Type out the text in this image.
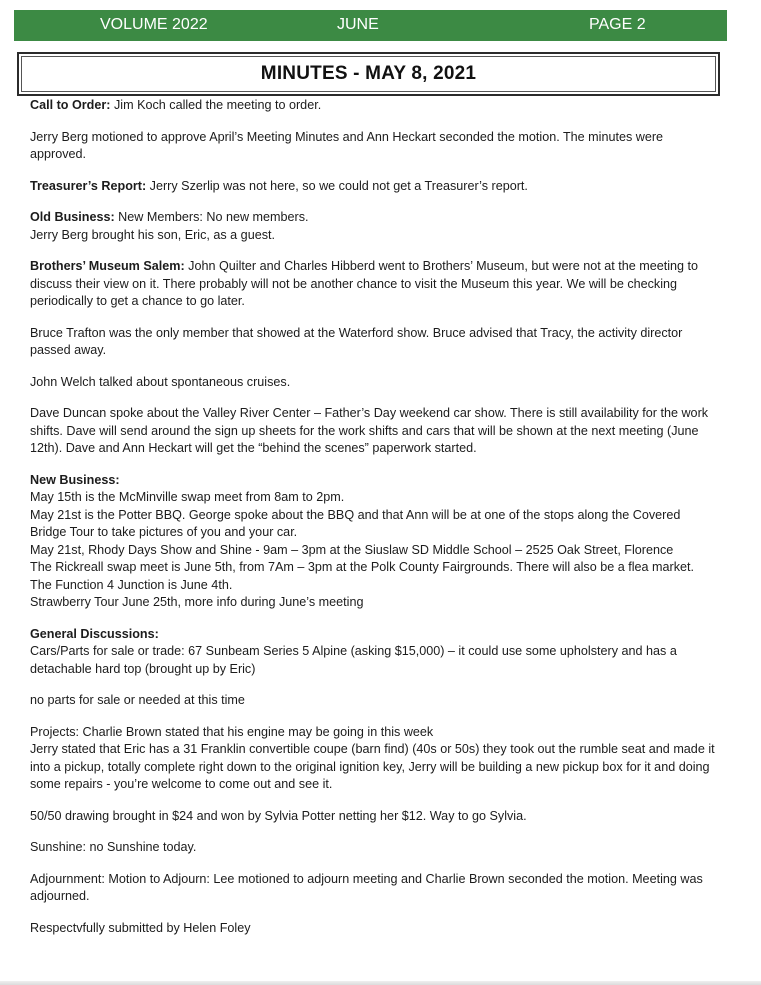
VOLUME 2022	JUNE	PAGE 2
MINUTES - MAY 8, 2021

Call to Order: Jim Koch called the meeting to order.

Jerry Berg motioned to approve April’s Meeting Minutes and Ann Heckart seconded the motion. The minutes were approved.

Treasurer’s Report: Jerry Szerlip was not here, so we could not get a Treasurer’s report.

Old Business: New Members: No new members.
Jerry Berg brought his son, Eric, as a guest.

Brothers’ Museum Salem: John Quilter and Charles Hibberd went to Brothers’ Museum, but were not at the meeting to discuss their view on it. There probably will not be another chance to visit the Museum this year. We will be checking periodically to get a chance to go later.

Bruce Trafton was the only member that showed at the Waterford show. Bruce advised that Tracy, the activity director passed away.

John Welch talked about spontaneous cruises.

Dave Duncan spoke about the Valley River Center – Father’s Day weekend car show. There is still availability for the work shifts. Dave will send around the sign up sheets for the work shifts and cars that will be shown at the next meeting (June 12th). Dave and Ann Heckart will get the “behind the scenes” paperwork started.

New Business:
May 15th is the McMinville swap meet from 8am to 2pm.
May 21st is the Potter BBQ. George spoke about the BBQ and that Ann will be at one of the stops along the Covered Bridge Tour to take pictures of you and your car.
May 21st, Rhody Days Show and Shine - 9am – 3pm at the Siuslaw SD Middle School – 2525 Oak Street, Florence
The Rickreall swap meet is June 5th, from 7Am – 3pm at the Polk County Fairgrounds. There will also be a flea market.
The Function 4 Junction is June 4th.
Strawberry Tour June 25th, more info during June’s meeting

General Discussions:
Cars/Parts for sale or trade: 67 Sunbeam Series 5 Alpine (asking $15,000) – it could use some upholstery and has a detachable hard top (brought up by Eric)

no parts for sale or needed at this time

Projects: Charlie Brown stated that his engine may be going in this week
Jerry stated that Eric has a 31 Franklin convertible coupe (barn find) (40s or 50s) they took out the rumble seat and made it into a pickup, totally complete right down to the original ignition key, Jerry will be building a new pickup box for it and doing some repairs - you’re welcome to come out and see it.

50/50 drawing brought in $24 and won by Sylvia Potter netting her $12. Way to go Sylvia.

Sunshine: no Sunshine today.

Adjournment: Motion to Adjourn: Lee motioned to adjourn meeting and Charlie Brown seconded the motion. Meeting was adjourned.

Respectvfully submitted by Helen Foley
